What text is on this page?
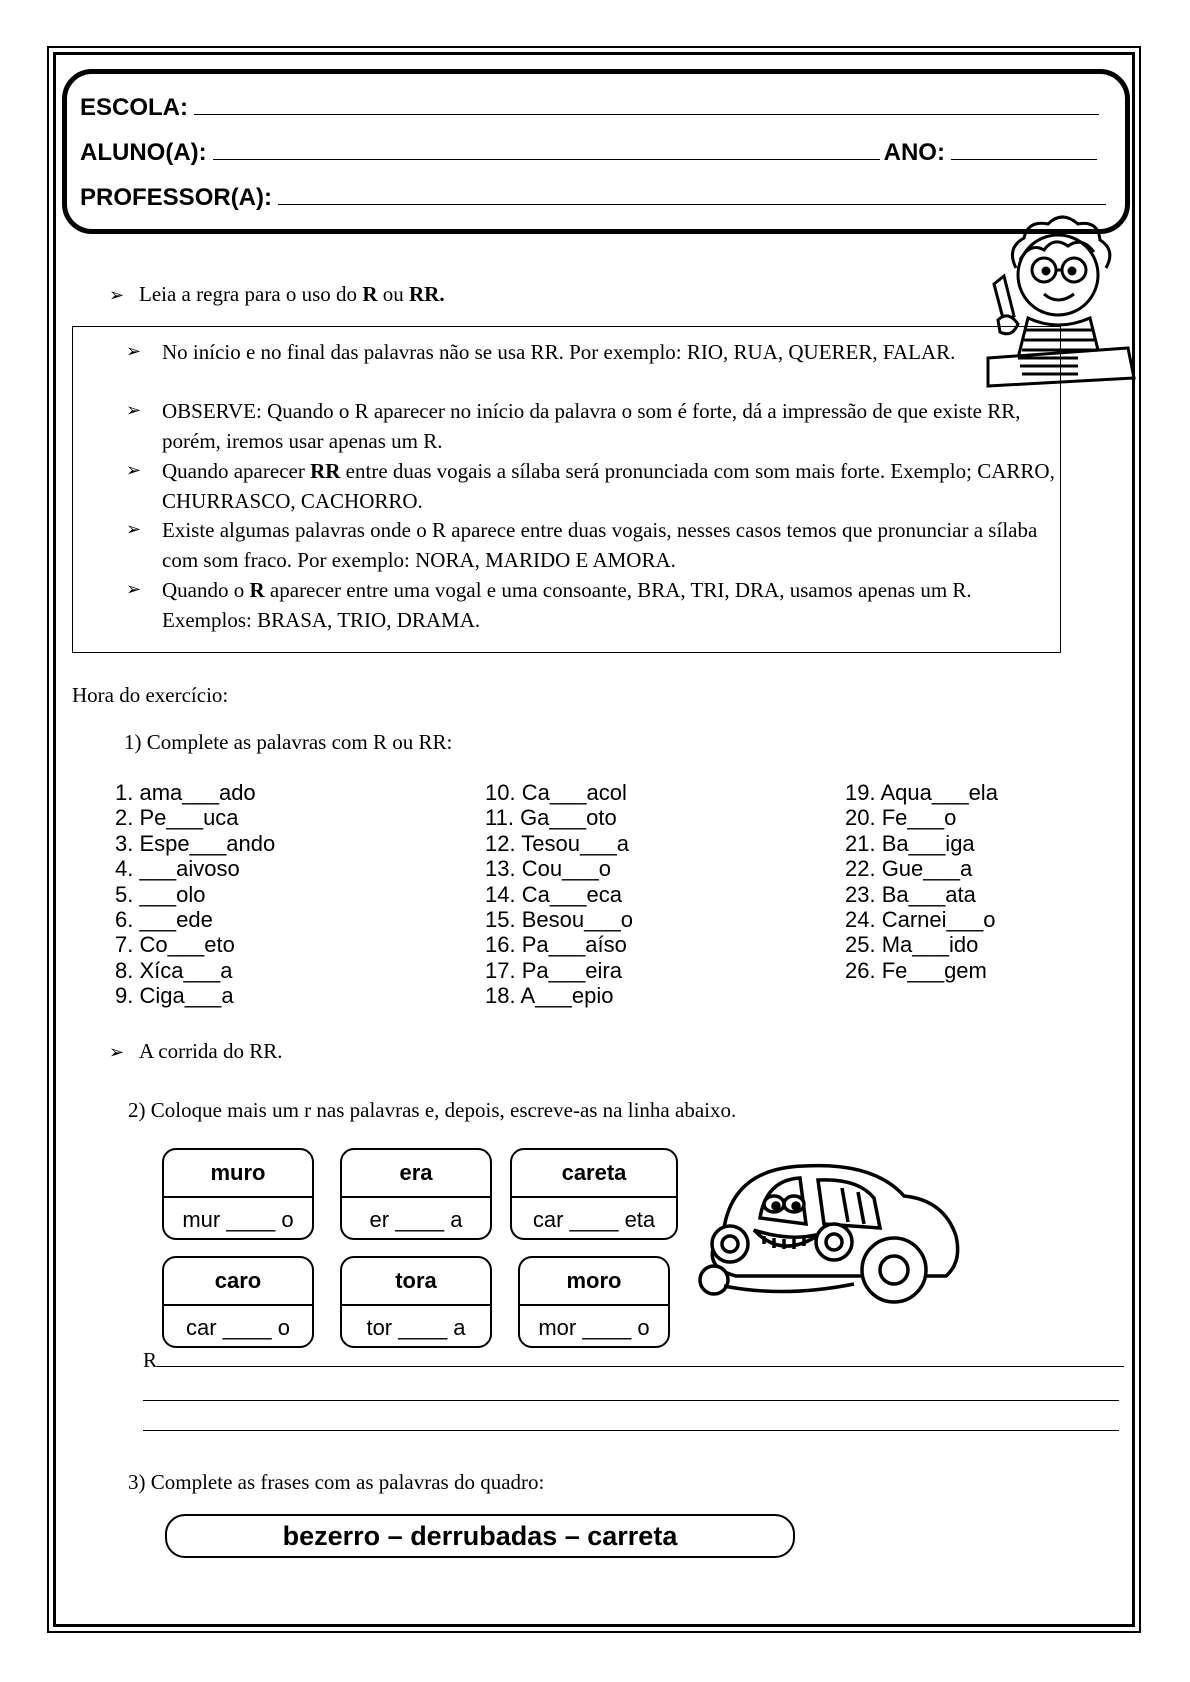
ESCOLA:
ALUNO(A):	ANO:
PROFESSOR(A):
➢ Leia a regra para o uso do R ou RR.
➢ No início e no final das palavras não se usa RR. Por exemplo: RIO, RUA, QUERER, FALAR.
➢ OBSERVE: Quando o R aparecer no início da palavra o som é forte, dá a impressão de que existe RR, porém, iremos usar apenas um R.
➢ Quando aparecer RR entre duas vogais a sílaba será pronunciada com som mais forte. Exemplo; CARRO, CHURRASCO, CACHORRO.
➢ Existe algumas palavras onde o R aparece entre duas vogais, nesses casos temos que pronunciar a sílaba com som fraco. Por exemplo: NORA, MARIDO E AMORA.
➢ Quando o R aparecer entre uma vogal e uma consoante, BRA, TRI, DRA, usamos apenas um R. Exemplos: BRASA, TRIO, DRAMA.
Hora do exercício:
1) Complete as palavras com R ou RR:
1. ama___ado
2. Pe___uca
3. Espe___ando
4. ___aivoso
5. ___olo
6. ___ede
7. Co___eto
8. Xíca___a
9. Ciga___a
10. Ca___acol
11. Ga___oto
12. Tesou___a
13. Cou___o
14. Ca___eca
15. Besou___o
16. Pa___aíso
17. Pa___eira
18. A___epio
19. Aqua___ela
20. Fe___o
21. Ba___iga
22. Gue___a
23. Ba___ata
24. Carnei___o
25. Ma___ido
26. Fe___gem
➢ A corrida do RR.
2) Coloque mais um r nas palavras e, depois, escreve-as na linha abaixo.
muro
mur ____ o
era
er ____ a
careta
car ____ eta
caro
car ____ o
tora
tor ____ a
moro
mor ____ o
R
3) Complete as frases com as palavras do quadro:
bezerro – derrubadas – carreta
